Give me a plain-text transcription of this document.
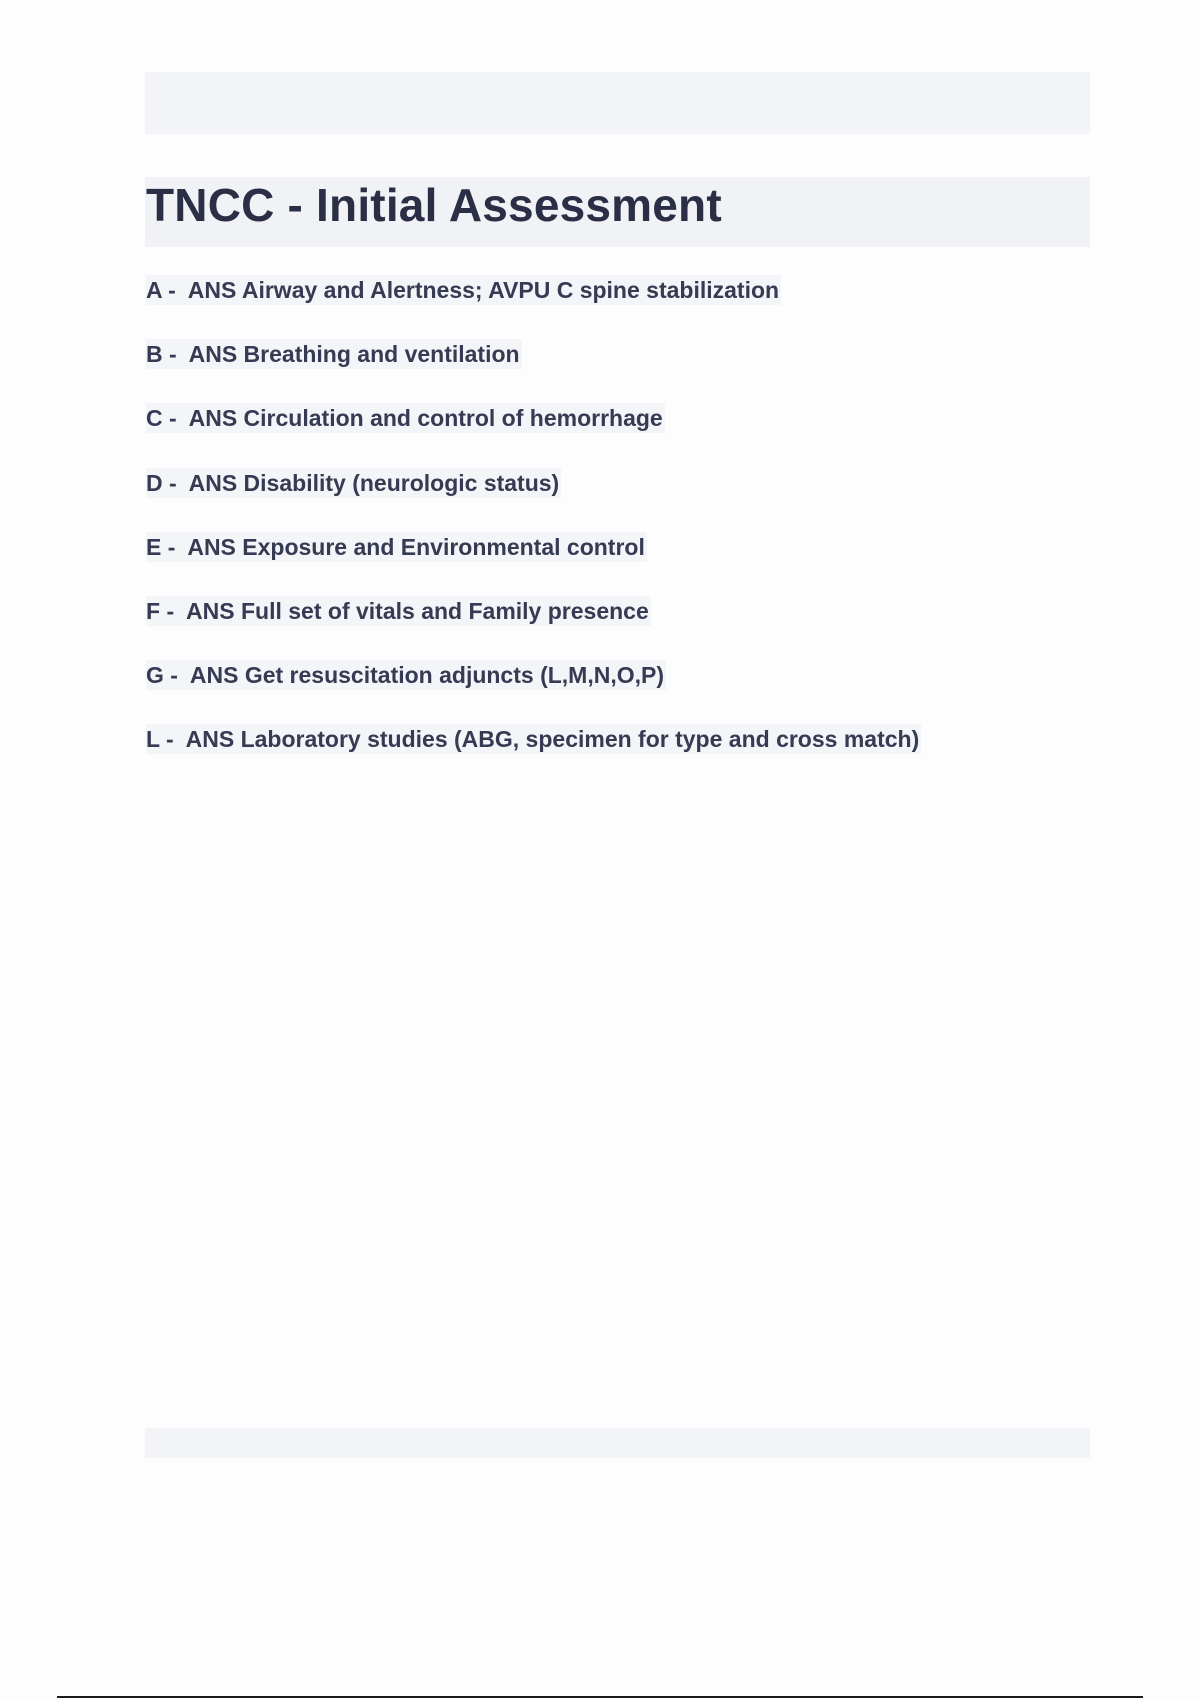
TNCC - Initial Assessment
A -  ANS Airway and Alertness; AVPU C spine stabilization
B -  ANS Breathing and ventilation
C -  ANS Circulation and control of hemorrhage
D -  ANS Disability (neurologic status)
E -  ANS Exposure and Environmental control
F -  ANS Full set of vitals and Family presence
G -  ANS Get resuscitation adjuncts (L,M,N,O,P)
L -  ANS Laboratory studies (ABG, specimen for type and cross match)
